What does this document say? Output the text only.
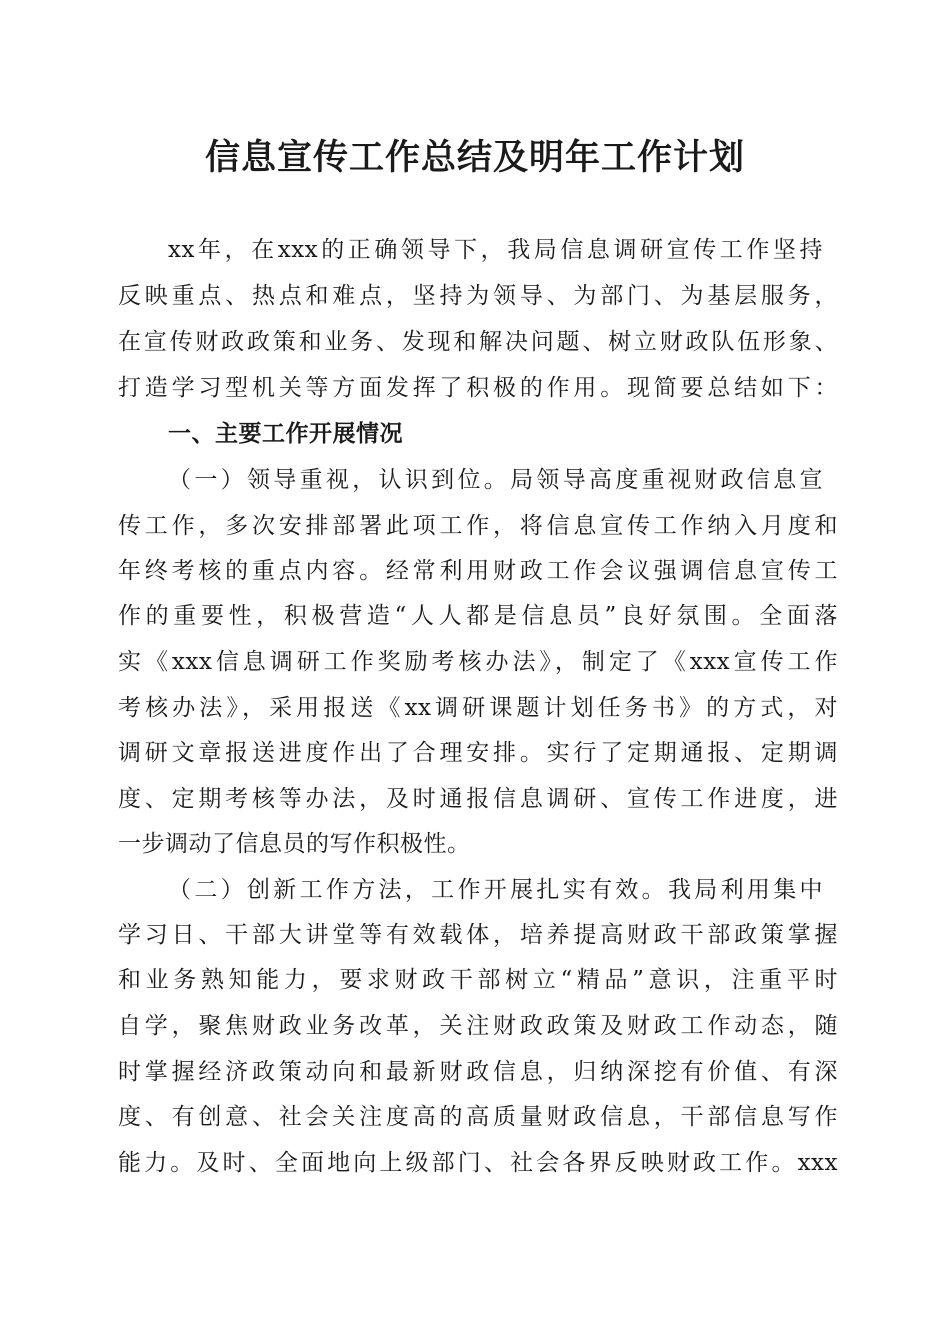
信息宣传工作总结及明年工作计划
xx年，在xxx的正确领导下，我局信息调研宣传工作坚持
反映重点、热点和难点，坚持为领导、为部门、为基层服务，
在宣传财政政策和业务、发现和解决问题、树立财政队伍形象、
打造学习型机关等方面发挥了积极的作用。现简要总结如下：
一、主要工作开展情况
（一）领导重视，认识到位。局领导高度重视财政信息宣
传工作，多次安排部署此项工作，将信息宣传工作纳入月度和
年终考核的重点内容。经常利用财政工作会议强调信息宣传工
作的重要性，积极营造“人人都是信息员”良好氛围。全面落
实《xxx信息调研工作奖励考核办法》，制定了《xxx宣传工作
考核办法》，采用报送《xx调研课题计划任务书》的方式，对
调研文章报送进度作出了合理安排。实行了定期通报、定期调
度、定期考核等办法，及时通报信息调研、宣传工作进度，进
一步调动了信息员的写作积极性。
（二）创新工作方法，工作开展扎实有效。我局利用集中
学习日、干部大讲堂等有效载体，培养提高财政干部政策掌握
和业务熟知能力，要求财政干部树立“精品”意识，注重平时
自学，聚焦财政业务改革，关注财政政策及财政工作动态，随
时掌握经济政策动向和最新财政信息，归纳深挖有价值、有深
度、有创意、社会关注度高的高质量财政信息，干部信息写作
能力。及时、全面地向上级部门、社会各界反映财政工作。xxx
